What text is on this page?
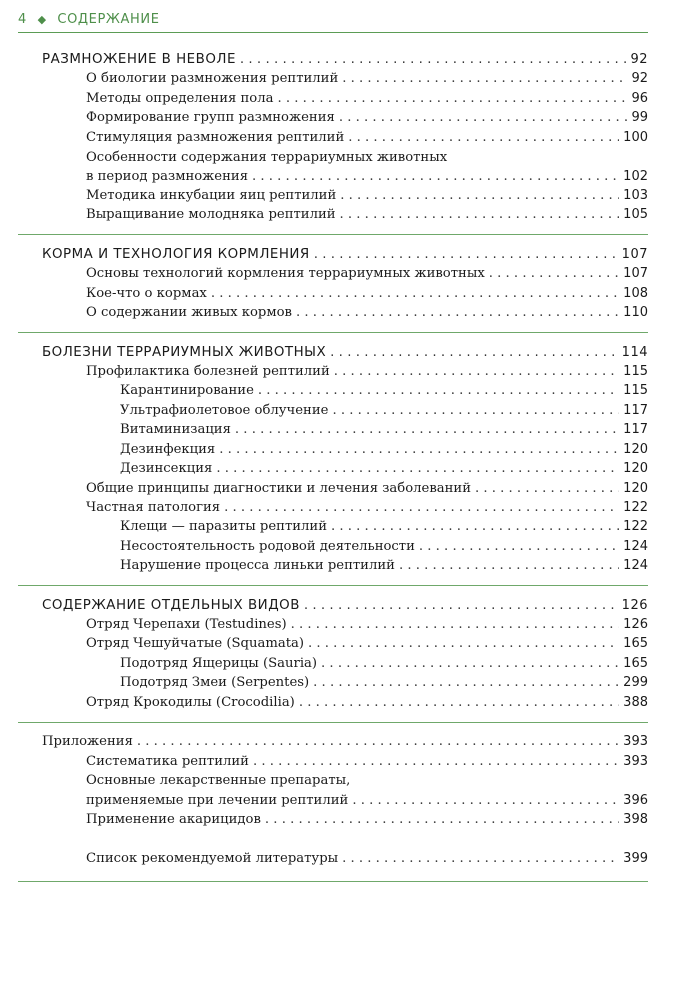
4 ◆ СОДЕРЖАНИЕ
РАЗМНОЖЕНИЕ В НЕВОЛЕ . . .	92
О биологии размножения рептилий . . .	92
Методы определения пола . . .	96
Формирование групп размножения . . .	99
Стимуляция размножения рептилий . . .	100
Особенности содержания террариумных животных
в период размножения . . .	102
Методика инкубации яиц рептилий . . .	103
Выращивание молодняка рептилий . . .	105
КОРМА И ТЕХНОЛОГИЯ КОРМЛЕНИЯ . . .	107
Основы технологий кормления террариумных животных . . .	107
Кое-что о кормах . . .	108
О содержании живых кормов . . .	110
БОЛЕЗНИ ТЕРРАРИУМНЫХ ЖИВОТНЫХ . . .	114
Профилактика болезней рептилий . . .	115
Карантинирование . . .	115
Ультрафиолетовое облучение . . .	117
Витаминизация . . .	117
Дезинфекция . . .	120
Дезинсекция . . .	120
Общие принципы диагностики и лечения заболеваний . . .	120
Частная патология . . .	122
Клещи — паразиты рептилий . . .	122
Несостоятельность родовой деятельности . . .	124
Нарушение процесса линьки рептилий . . .	124
СОДЕРЖАНИЕ ОТДЕЛЬНЫХ ВИДОВ . . .	126
Отряд Черепахи (Testudines) . . .	126
Отряд Чешуйчатые (Squamata) . . .	165
Подотряд Ящерицы (Sauria) . . .	165
Подотряд Змеи (Serpentes) . . .	299
Отряд Крокодилы (Crocodilia) . . .	388
Приложения . . .	393
Систематика рептилий . . .	393
Основные лекарственные препараты,
применяемые при лечении рептилий . . .	396
Применение акарицидов . . .	398
Список рекомендуемой литературы . . .	399
